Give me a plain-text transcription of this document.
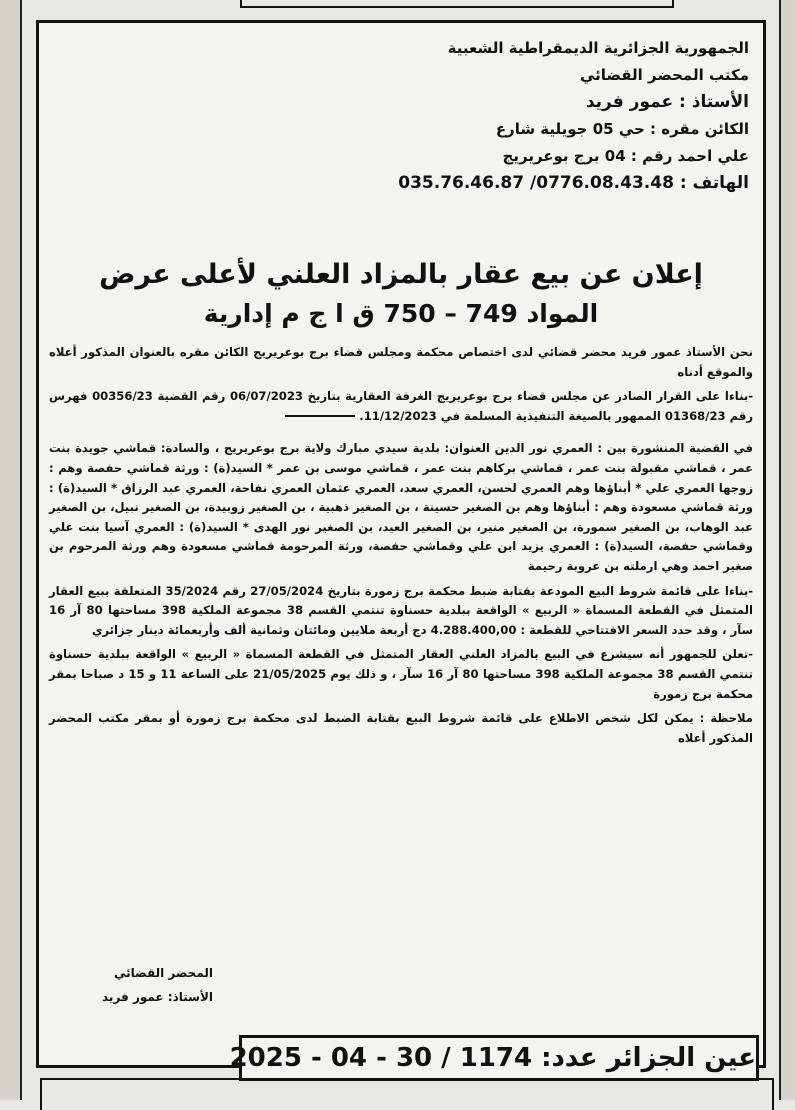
الجمهورية الجزائرية الديمقراطية الشعبية
مكتب المحضر القضائي
الأستاذ : عمور فريد
الكائن مقره : حي 05 جويلية شارع
علي احمد رقم : 04 برج بوعريريج
الهاتف : 0776.08.43.48/ 035.76.46.87
إعلان عن بيع عقار بالمزاد العلني لأعلى عرض
المواد 749 – 750 ق ا ج م إدارية

نحن الأستاذ عمور فريد محضر قضائي لدى اختصاص محكمة ومجلس قضاء برج بوعريريج الكائن مقره بالعنوان المذكور أعلاه والموقع أدناه

-بناءا على القرار الصادر عن مجلس قضاء برج بوعريريج الغرفة العقارية بتاريخ 06/07/2023 رقم القضية 00356/23 فهرس رقم 01368/23 الممهور بالصيغة التنفيذية المسلمة في 11/12/2023.

في القضية المنشورة بين : العمري نور الدين العنوان: بلدية سيدي مبارك ولاية برج بوعريريج ، والسادة: قماشي جويدة بنت عمر ، قماشي مقبولة بنت عمر ، قماشي بركاهم بنت عمر ، قماشي موسى بن عمر * السيد(ة) : ورثة قماشي حفصة وهم : زوجها العمري علي * أبناؤها وهم العمري لحسن، العمري سعد، العمري عثمان العمري نفاحة، العمري عبد الرزاق * السيد(ة) : ورثة قماشي مسعودة وهم : أبناؤها وهم بن الصغير حسينة ، بن الصغير ذهبية ، بن الصغير زوبيدة، بن الصغير نبيل، بن الصغير عبد الوهاب، بن الصغير سمورة، بن الصغير منير، بن الصغير العيد، بن الصغير نور الهدى * السيد(ة) : العمري آسيا بنت علي وقماشي حفصة، السيد(ة) : العمري يزيد ابن علي وقماشي حفصة، ورثة المرحومة قماشي مسعودة وهم ورثة المرحوم بن صغير احمد وهي ارملته بن عروبة رحيمة

-بناءا على قائمة شروط البيع المودعة بقتابة ضبط محكمة برج زمورة بتاريخ 27/05/2024 رقم 35/2024 المتعلقة ببيع العقار المتمثل في القطعة المسماة « الربيع » الواقعة ببلدية حسناوة تنتمي القسم 38 مجموعة الملكية 398 مساحتها 80 آر 16 سآر ، وقد حدد السعر الافتتاحي للقطعة : 4.288.400,00 دج أربعة ملايين ومائتان وثمانية ألف وأربعمائة دينار جزائري

-تعلن للجمهور أنه سيشرع في البيع بالمزاد العلني العقار المتمثل في القطعة المسماة « الربيع » الواقعة ببلدية حسناوة تنتمي القسم 38 مجموعة الملكية 398 مساحتها 80 آر 16 سآر ، و ذلك يوم 21/05/2025 على الساعة 11 و 15 د صباحا بمقر محكمة برج زمورة

ملاحظة : يمكن لكل شخص الاطلاع على قائمة شروط البيع بقتابة الضبط لدى محكمة برج زمورة أو بمقر مكتب المحضر المذكور أعلاه

المحضر القضائي
الأستاذ: عمور فريد
عين الجزائر عدد: 1174 / 30 - 04 - 2025
